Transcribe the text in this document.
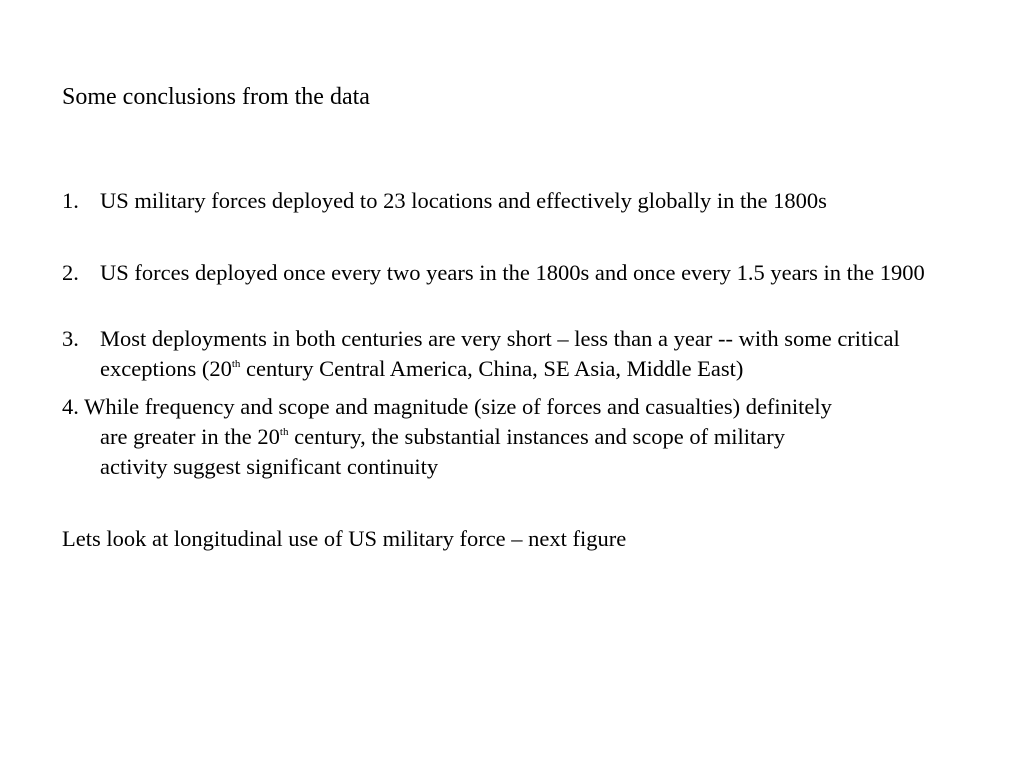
Some conclusions from the data
1. US military forces deployed to 23 locations and effectively globally in the 1800s
2. US forces deployed once every two years in the 1800s and once every 1.5 years in the 1900
3. Most deployments in both centuries are very short – less than a year -- with some critical exceptions (20th century Central America, China, SE Asia, Middle East)
4. While frequency and scope and magnitude (size of forces and casualties) definitely
are greater in the 20th century, the substantial instances and scope of military
activity suggest significant continuity
Lets look at longitudinal use of US military force – next figure
